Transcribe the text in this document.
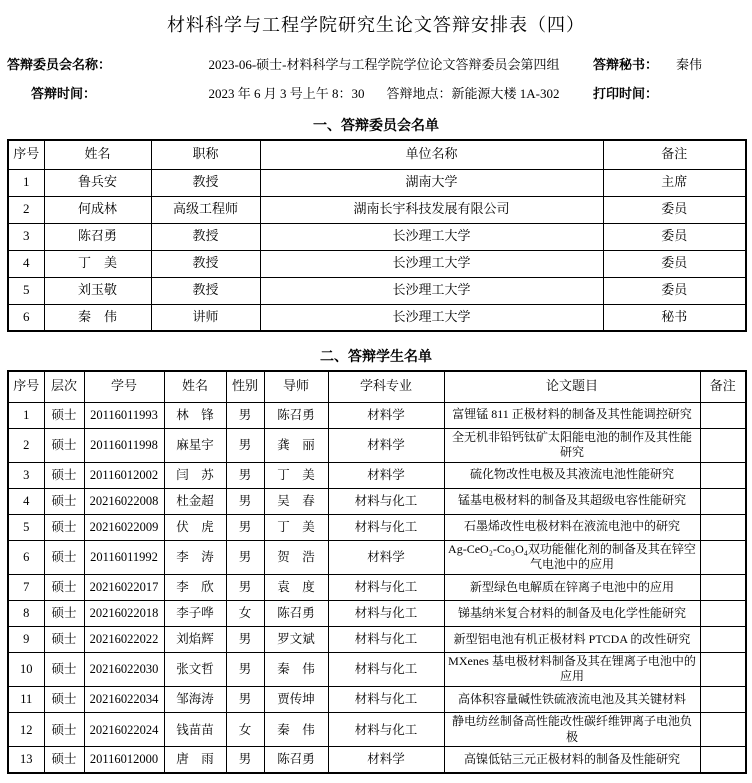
材料科学与工程学院研究生论文答辩安排表（四）
答辩委员会名称：	2023-06-硕士-材料科学与工程学院学位论文答辩委员会第四组	答辩秘书： 秦伟
答辩时间：	2023 年 6 月 3 号上午 8：30 答辩地点：新能源大楼 1A-302	打印时间：
一、答辩委员会名单
序号	姓名	职称	单位名称	备注
1	鲁兵安	教授	湖南大学	主席
2	何成林	高级工程师	湖南长宇科技发展有限公司	委员
3	陈召勇	教授	长沙理工大学	委员
4	丁　美	教授	长沙理工大学	委员
5	刘玉敬	教授	长沙理工大学	委员
6	秦　伟	讲师	长沙理工大学	秘书
二、答辩学生名单
序号	层次	学号	姓名	性别	导师	学科专业	论文题目	备注
1	硕士	20116011993	林　锋	男	陈召勇	材料学	富锂锰 811 正极材料的制备及其性能调控研究	
2	硕士	20116011998	麻星宇	男	龚　丽	材料学	全无机非铅钙钛矿太阳能电池的制作及其性能研究	
3	硕士	20116012002	闫　苏	男	丁　美	材料学	硫化物改性电极及其液流电池性能研究	
4	硕士	20216022008	杜金超	男	吴　春	材料与化工	锰基电极材料的制备及其超级电容性能研究	
5	硕士	20216022009	伏　虎	男	丁　美	材料与化工	石墨烯改性电极材料在液流电池中的研究	
6	硕士	20116011992	李　涛	男	贺　浩	材料学	Ag-CeO₂-Co₃O₄双功能催化剂的制备及其在锌空气电池中的应用	
7	硕士	20216022017	李　欣	男	袁　度	材料与化工	新型绿色电解质在锌离子电池中的应用	
8	硕士	20216022018	李子哗	女	陈召勇	材料与化工	锑基纳米复合材料的制备及电化学性能研究	
9	硕士	20216022022	刘焰辉	男	罗文斌	材料与化工	新型铝电池有机正极材料 PTCDA 的改性研究	
10	硕士	20216022030	张文哲	男	秦　伟	材料与化工	MXenes 基电极材料制备及其在锂离子电池中的应用	
11	硕士	20216022034	邹海涛	男	贾传坤	材料与化工	高体积容量碱性铁硫液流电池及其关键材料	
12	硕士	20216022024	钱苗苗	女	秦　伟	材料与化工	静电纺丝制备高性能改性碳纤维钾离子电池负极	
13	硕士	20116012000	唐　雨	男	陈召勇	材料学	高镍低钴三元正极材料的制备及性能研究	
